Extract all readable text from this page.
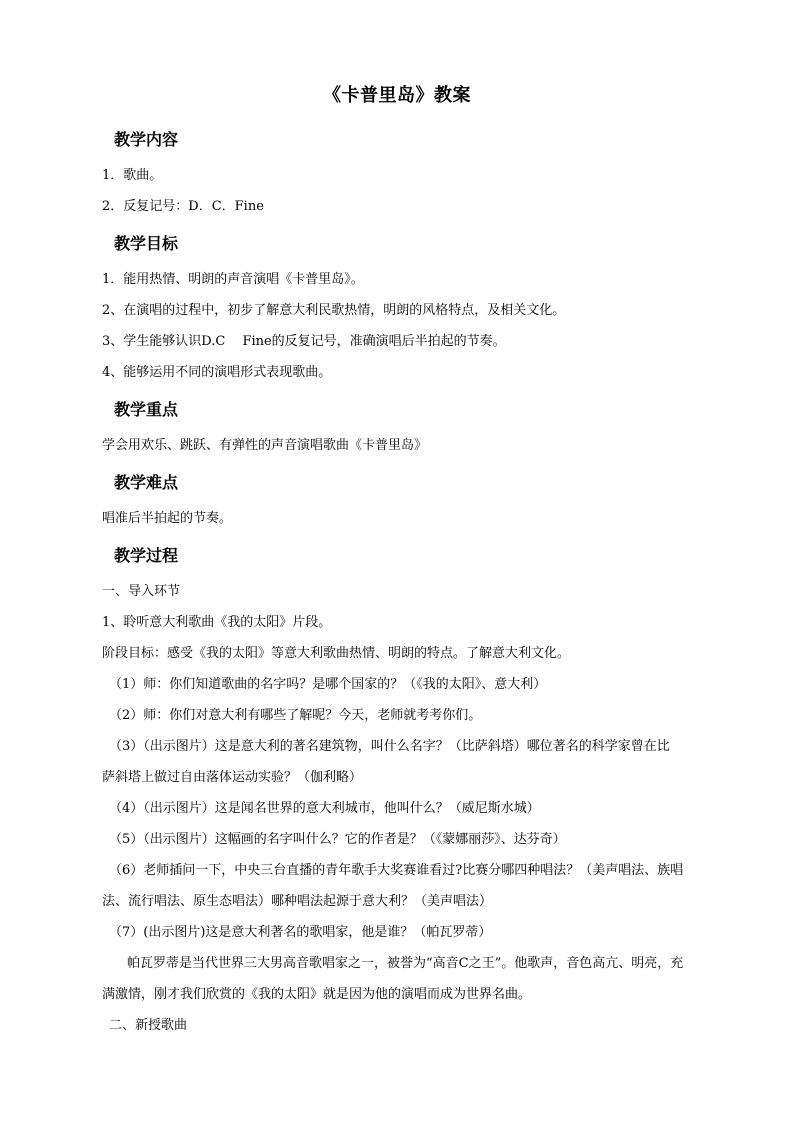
《卡普里岛》教案
教学内容
1．歌曲。
2．反复记号：D．C．Fine
教学目标
1．能用热情、明朗的声音演唱《卡普里岛》。
2、在演唱的过程中，初步了解意大利民歌热情，明朗的风格特点，及相关文化。
3、学生能够认识D.C　 Fine的反复记号，准确演唱后半拍起的节奏。
4、能够运用不同的演唱形式表现歌曲。
教学重点
学会用欢乐、跳跃、有弹性的声音演唱歌曲《卡普里岛》
教学难点
唱准后半拍起的节奏。
教学过程
一、导入环节
1、聆听意大利歌曲《我的太阳》片段。
阶段目标：感受《我的太阳》等意大利歌曲热情、明朗的特点。了解意大利文化。
（1）师：你们知道歌曲的名字吗？是哪个国家的？（《我的太阳》、意大利）
（2）师：你们对意大利有哪些了解呢？今天，老师就考考你们。
（3）（出示图片）这是意大利的著名建筑物，叫什么名字？（比萨斜塔）哪位著名的科学家曾在比
萨斜塔上做过自由落体运动实验？（伽利略）
（4）（出示图片）这是闻名世界的意大利城市，他叫什么？（威尼斯水城）
（5）（出示图片）这幅画的名字叫什么？它的作者是？（《蒙娜丽莎》、达芬奇）
（6）老师插问一下，中央三台直播的青年歌手大奖赛谁看过?比赛分哪四种唱法？（美声唱法、族唱
法、流行唱法、原生态唱法）哪种唱法起源于意大利？（美声唱法）
（7）(出示图片)这是意大利著名的歌唱家，他是谁？（帕瓦罗蒂）
帕瓦罗蒂是当代世界三大男高音歌唱家之一，被誉为“高音C之王”。他歌声，音色高亢、明亮，充
满激情，刚才我们欣赏的《我的太阳》就是因为他的演唱而成为世界名曲。
二、新授歌曲
